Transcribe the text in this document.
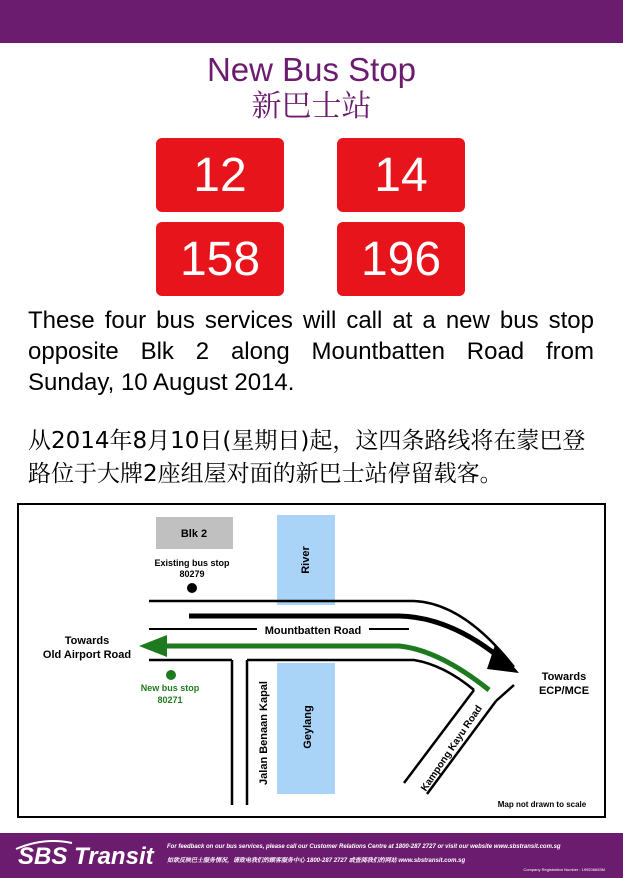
New Bus Stop
新巴士站
12	14
158	196
These four bus services will call at a new bus stop opposite Blk 2 along Mountbatten Road from Sunday, 10 August 2014.
从2014年8月10日(星期日)起，这四条路线将在蒙巴登路位于大牌2座组屋对面的新巴士站停留载客。
Blk 2
River
Geylang
Existing bus stop
80279
Mountbatten Road
Towards
Old Airport Road
New bus stop
80271
Towards
ECP/MCE
Jalan Benaan Kapal	Kampong Kayu Road
Map not drawn to scale
SBS Transit For feedback on our bus services, please call our Customer Relations Centre at 1800-287 2727 or visit our website www.sbstransit.com.sg
如欲反映巴士服务情况，请致电我们的顾客服务中心 1800-287 2727 或查阅我们的网站 www.sbstransit.com.sg
Company Registration Number : 199206653M
